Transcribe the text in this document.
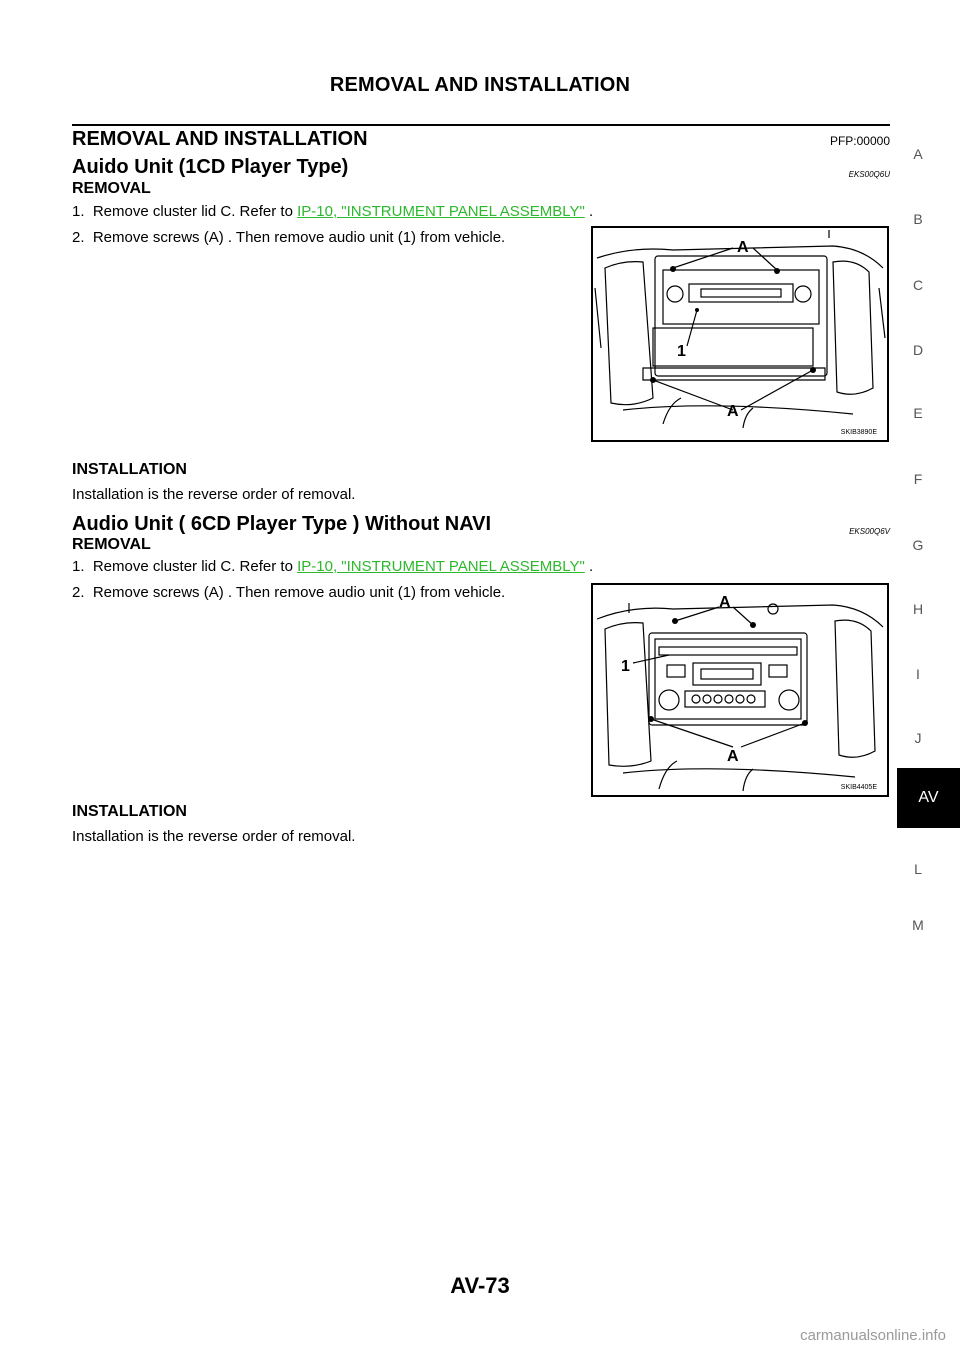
REMOVAL AND INSTALLATION
REMOVAL AND INSTALLATION	PFP:00000
Auido Unit (1CD Player Type)	EKS00Q6U
REMOVAL
1.  Remove cluster lid C. Refer to IP-10, "INSTRUMENT PANEL ASSEMBLY" .
2.  Remove screws (A) . Then remove audio unit (1) from vehicle.
A
1
A
SKIB3890E
INSTALLATION
Installation is the reverse order of removal.
Audio Unit ( 6CD Player Type ) Without NAVI	EKS00Q6V
REMOVAL
1.  Remove cluster lid C. Refer to IP-10, "INSTRUMENT PANEL ASSEMBLY" .
2.  Remove screws (A) . Then remove audio unit (1) from vehicle.
A
1
A
SKIB4405E
INSTALLATION
Installation is the reverse order of removal.
A
B
C
D
E
F
G
H
I
J
AV
L
M
AV-73
carmanualsonline.info
